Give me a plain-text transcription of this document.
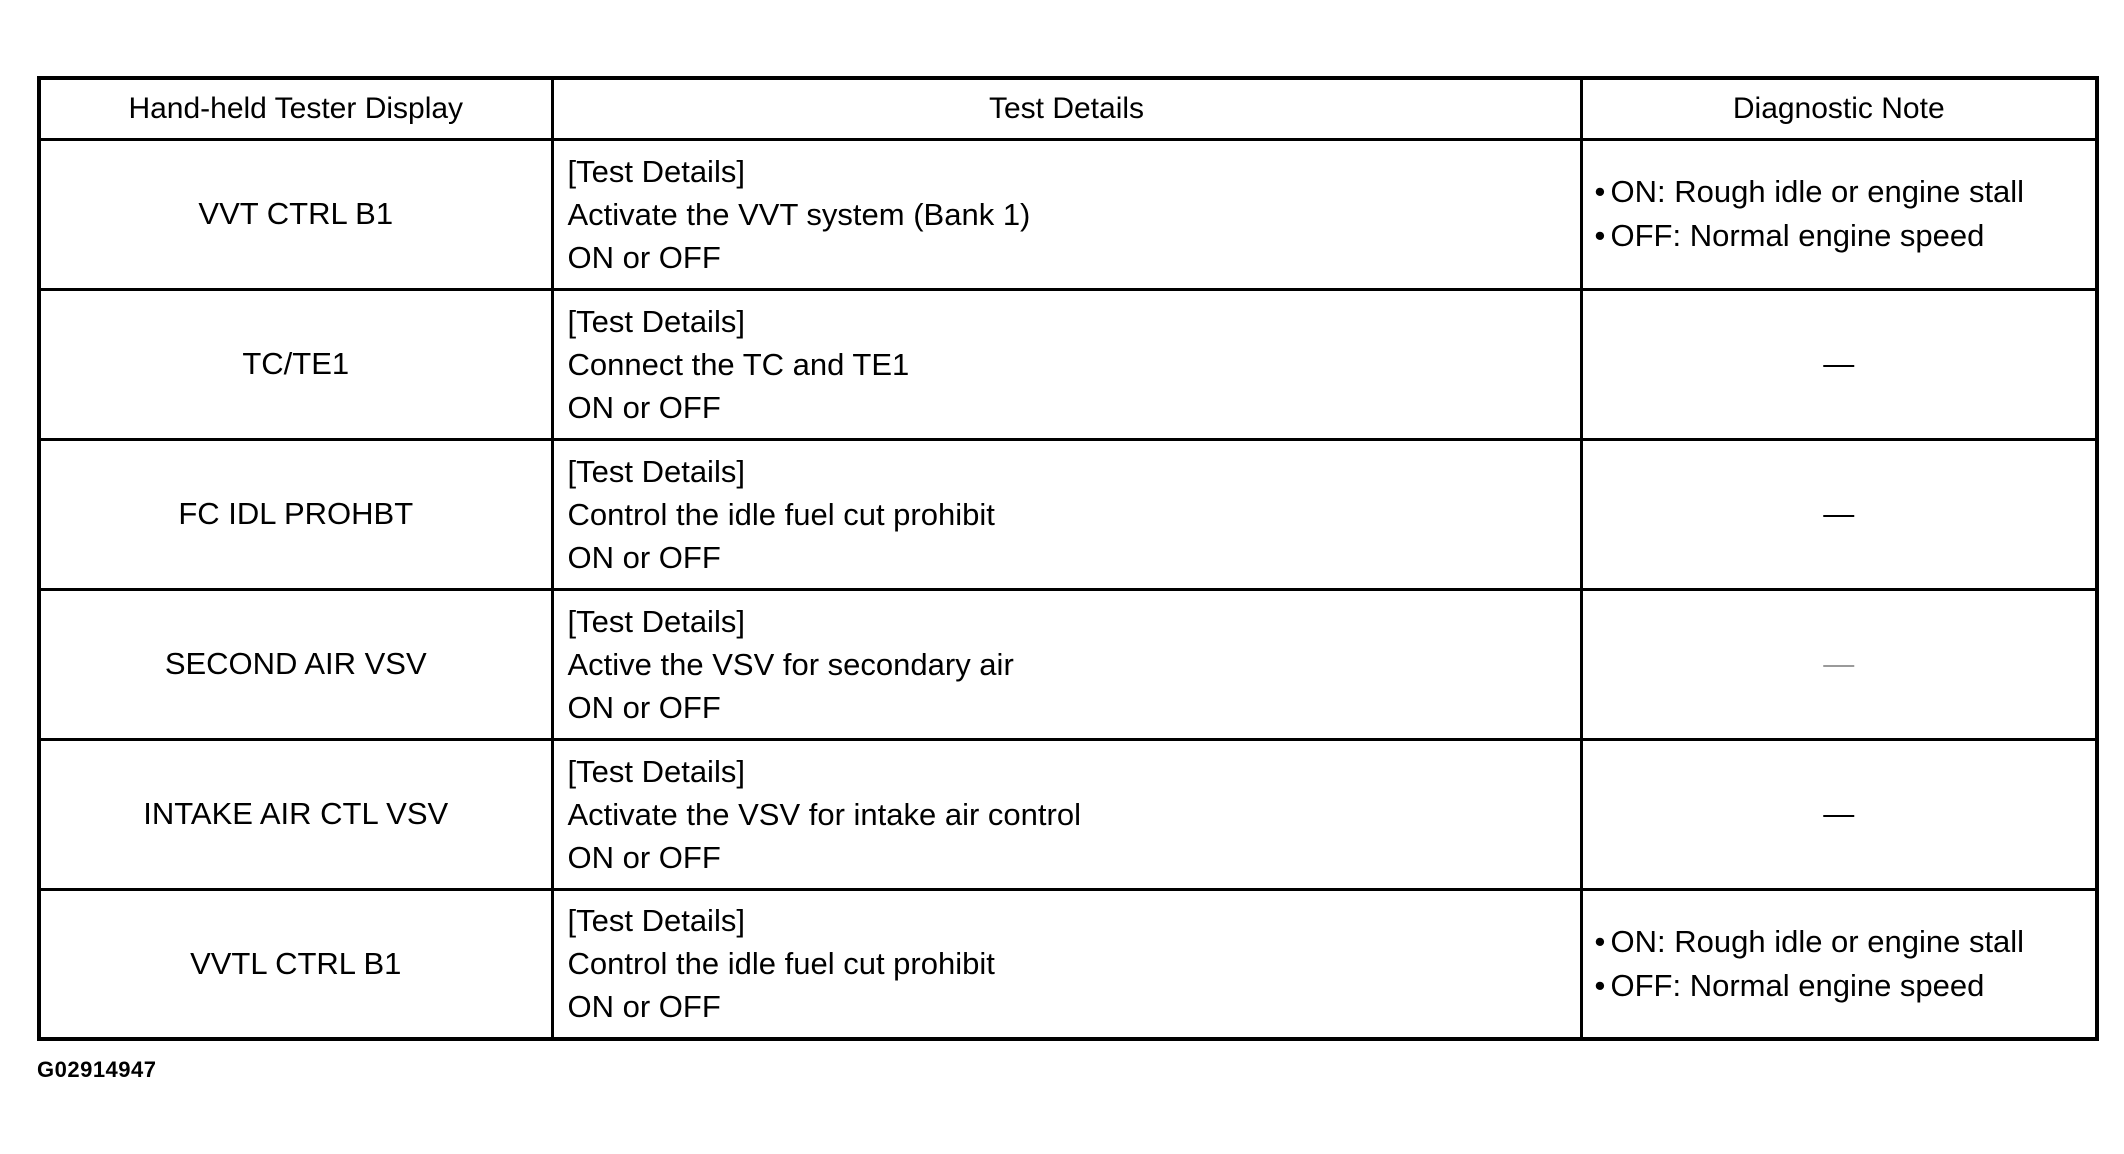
Hand-held Tester Display	Test Details	Diagnostic Note
VVT CTRL B1	[Test Details]
Activate the VVT system (Bank 1)
ON or OFF	• ON: Rough idle or engine stall
• OFF: Normal engine speed

TC/TE1	[Test Details]
Connect the TC and TE1
ON or OFF	—
FC IDL PROHBT	[Test Details]
Control the idle fuel cut prohibit
ON or OFF	—
SECOND AIR VSV	[Test Details]
Active the VSV for secondary air
ON or OFF	—
INTAKE AIR CTL VSV	[Test Details]
Activate the VSV for intake air control
ON or OFF	—
VVTL CTRL B1	[Test Details]
Control the idle fuel cut prohibit
ON or OFF	• ON: Rough idle or engine stall
• OFF: Normal engine speed
G02914947
